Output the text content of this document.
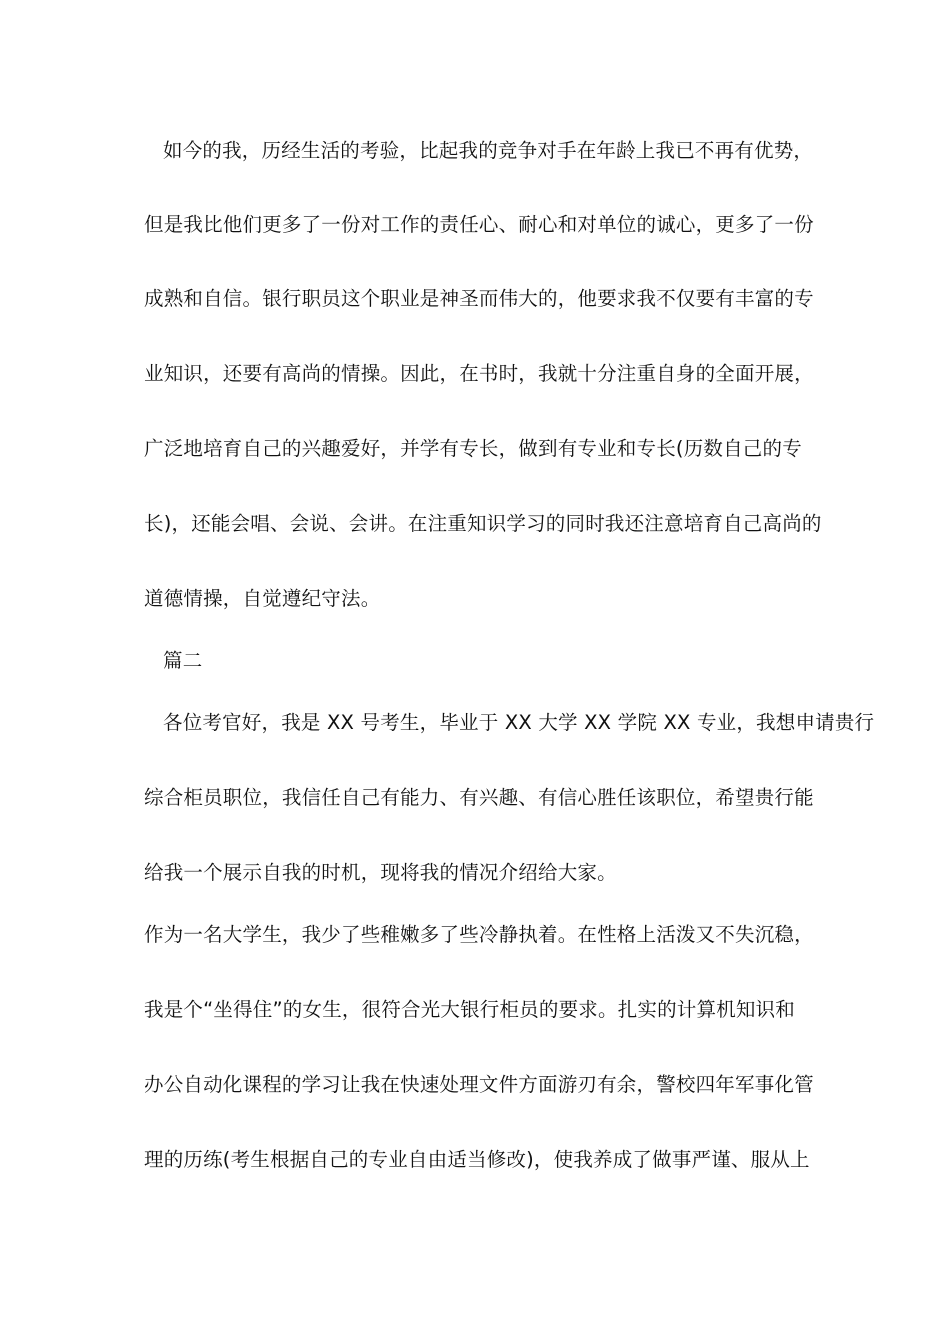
如今的我，历经生活的考验，比起我的竞争对手在年龄上我已不再有优势，
但是我比他们更多了一份对工作的责任心、耐心和对单位的诚心，更多了一份
成熟和自信。银行职员这个职业是神圣而伟大的，他要求我不仅要有丰富的专
业知识，还要有高尚的情操。因此，在书时，我就十分注重自身的全面开展，
广泛地培育自己的兴趣爱好，并学有专长，做到有专业和专长(历数自己的专
长)，还能会唱、会说、会讲。在注重知识学习的同时我还注意培育自己高尚的
道德情操，自觉遵纪守法。
篇二
各位考官好，我是 XX 号考生，毕业于 XX 大学 XX 学院 XX 专业，我想申请贵行
综合柜员职位，我信任自己有能力、有兴趣、有信心胜任该职位，希望贵行能
给我一个展示自我的时机，现将我的情况介绍给大家。
作为一名大学生，我少了些稚嫩多了些冷静执着。在性格上活泼又不失沉稳，
我是个“坐得住”的女生，很符合光大银行柜员的要求。扎实的计算机知识和
办公自动化课程的学习让我在快速处理文件方面游刃有余，警校四年军事化管
理的历练(考生根据自己的专业自由适当修改)，使我养成了做事严谨、服从上
